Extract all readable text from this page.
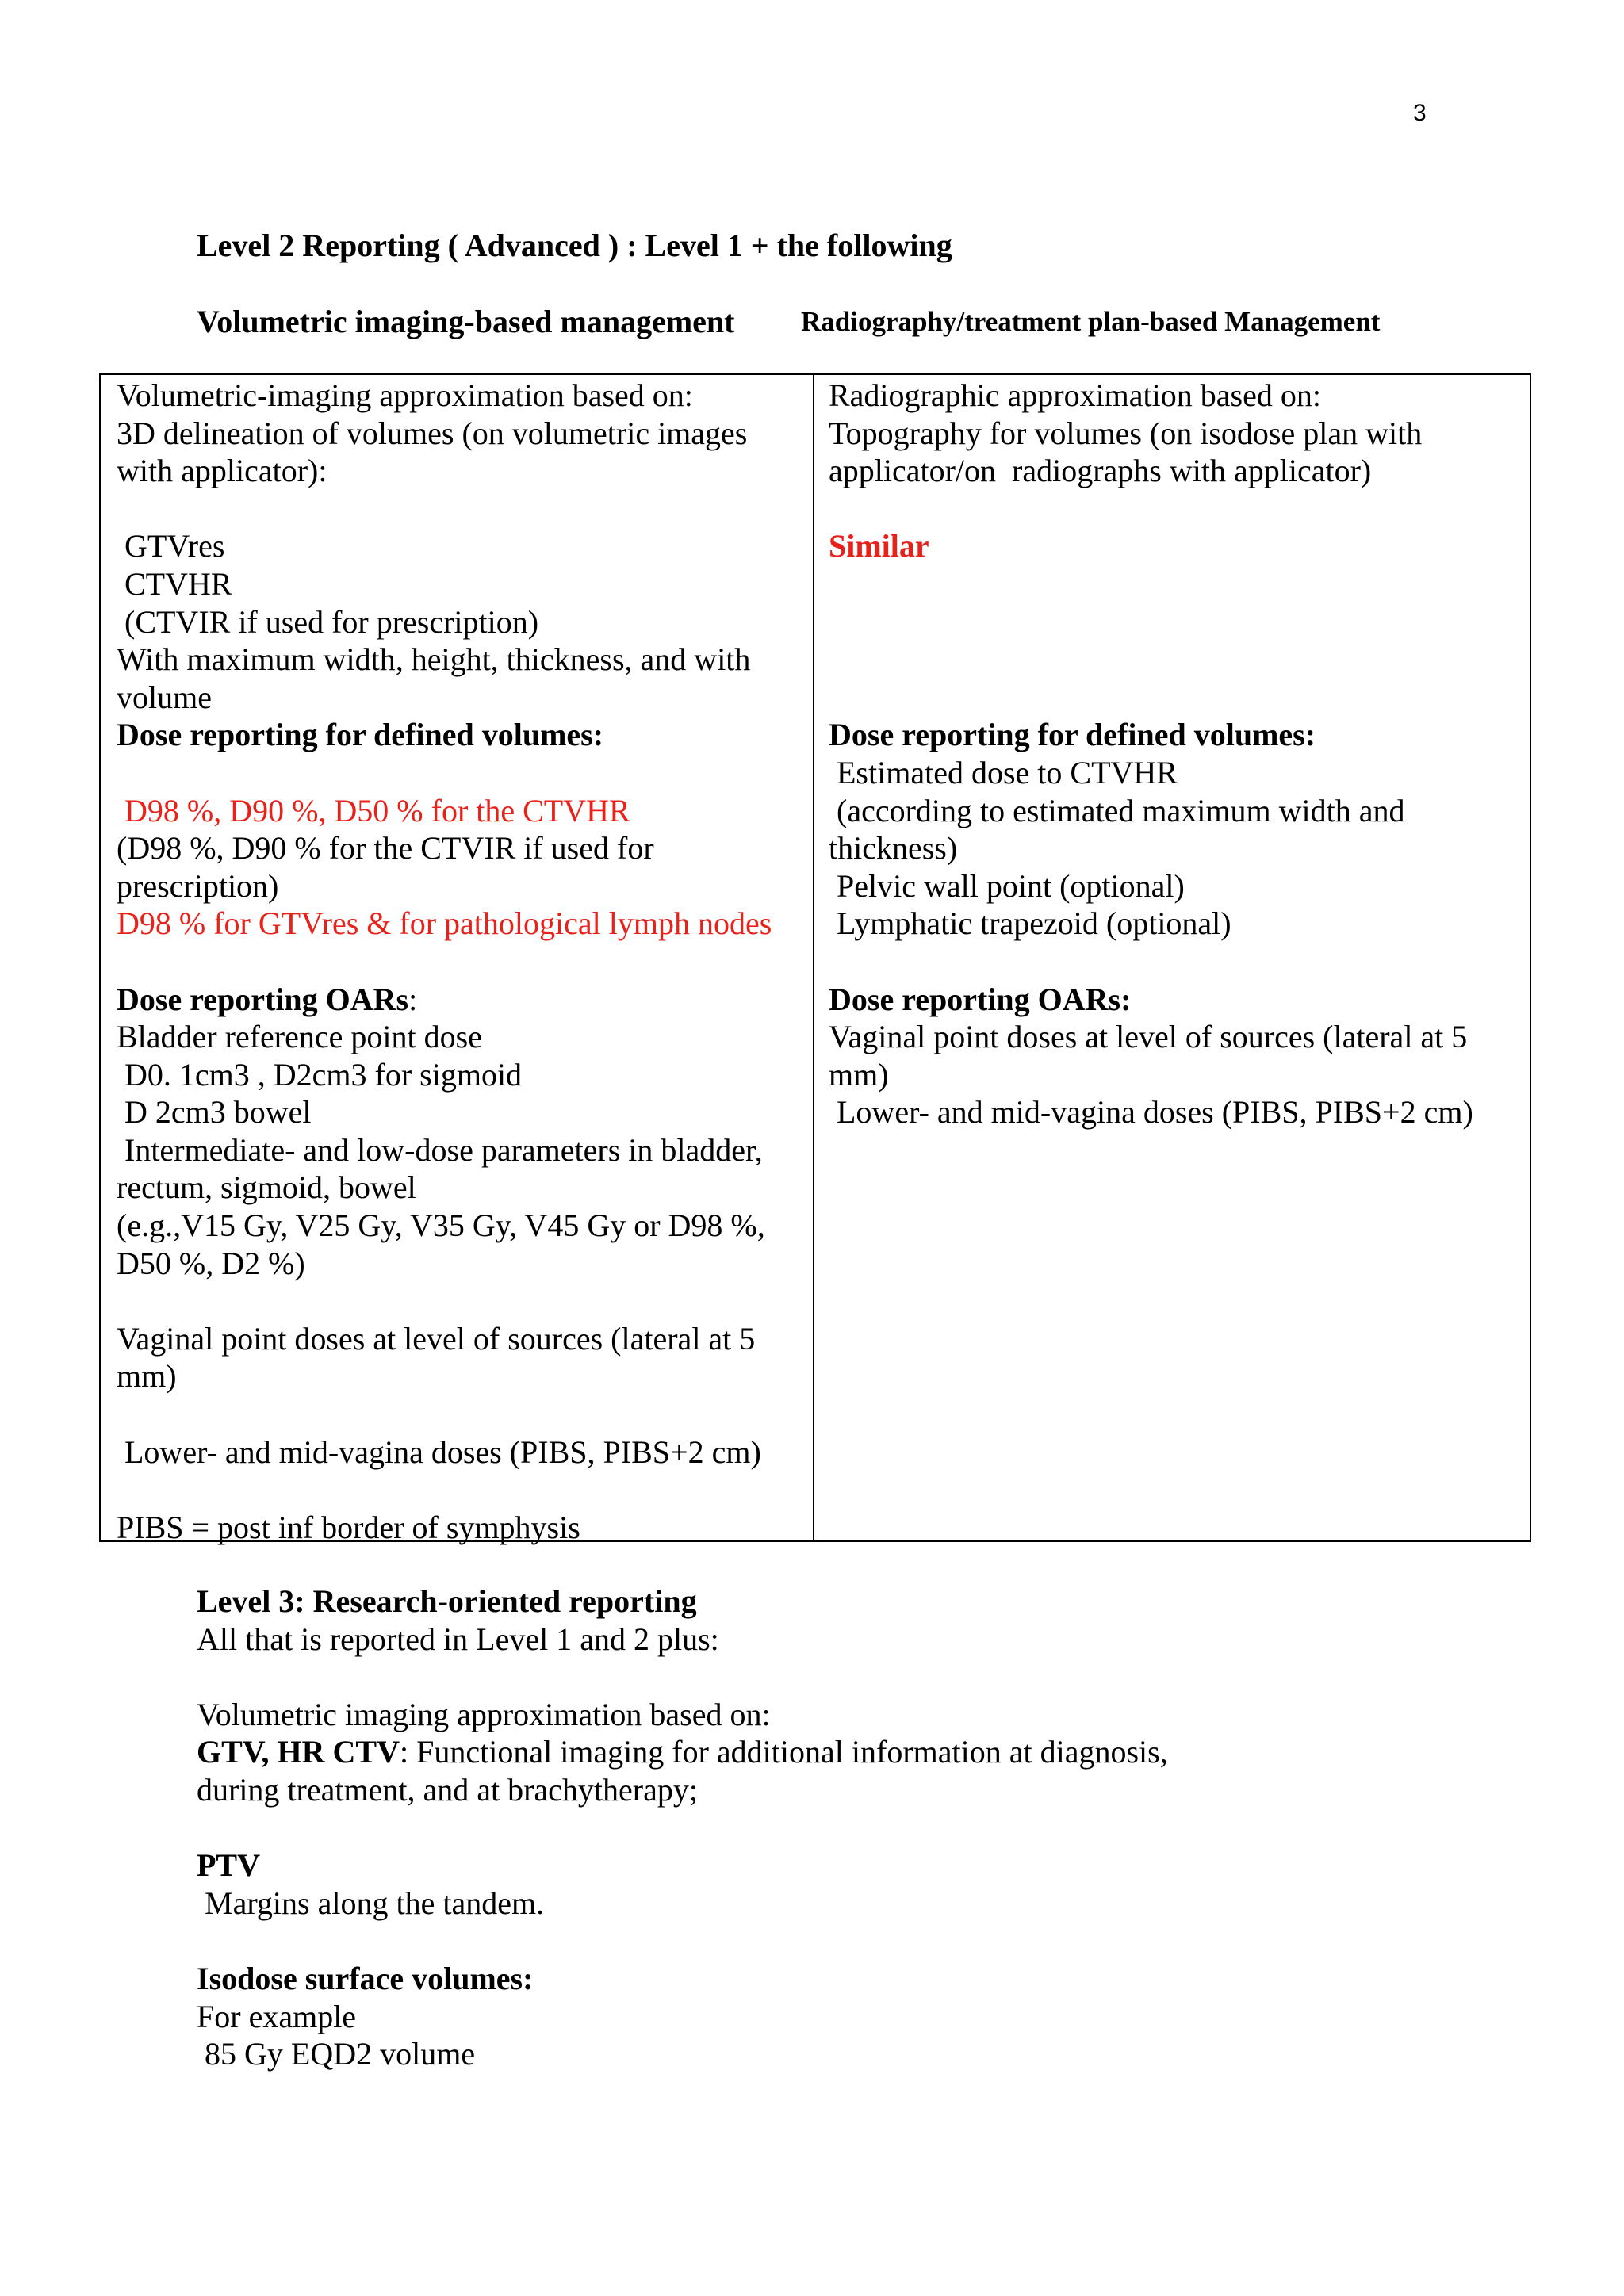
3
Level 2 Reporting ( Advanced ) : Level 1 + the following
Volumetric imaging-based management Radiography/treatment plan-based Management
Volumetric-imaging approximation based on:
3D delineation of volumes (on volumetric images
with applicator):
GTVres
CTVHR
(CTVIR if used for prescription)
With maximum width, height, thickness, and with
volume
Dose reporting for defined volumes:
D98 %, D90 %, D50 % for the CTVHR
(D98 %, D90 % for the CTVIR if used for
prescription)
D98 % for GTVres & for pathological lymph nodes
Dose reporting OARs:
Bladder reference point dose
D0. 1cm3 , D2cm3 for sigmoid
D 2cm3 bowel
Intermediate- and low-dose parameters in bladder,
rectum, sigmoid, bowel
(e.g.,V15 Gy, V25 Gy, V35 Gy, V45 Gy or D98 %,
D50 %, D2 %)
Vaginal point doses at level of sources (lateral at 5
mm)
Lower- and mid-vagina doses (PIBS, PIBS+2 cm)
PIBS = post inf border of symphysis
Radiographic approximation based on:
Topography for volumes (on isodose plan with
applicator/on  radiographs with applicator)
Similar
Dose reporting for defined volumes:
Estimated dose to CTVHR
(according to estimated maximum width and
thickness)
Pelvic wall point (optional)
Lymphatic trapezoid (optional)
Dose reporting OARs:
Vaginal point doses at level of sources (lateral at 5
mm)
Lower- and mid-vagina doses (PIBS, PIBS+2 cm)
Level 3: Research-oriented reporting
All that is reported in Level 1 and 2 plus:
Volumetric imaging approximation based on:
GTV, HR CTV: Functional imaging for additional information at diagnosis,
during treatment, and at brachytherapy;
PTV
Margins along the tandem.
Isodose surface volumes:
For example
85 Gy EQD2 volume
